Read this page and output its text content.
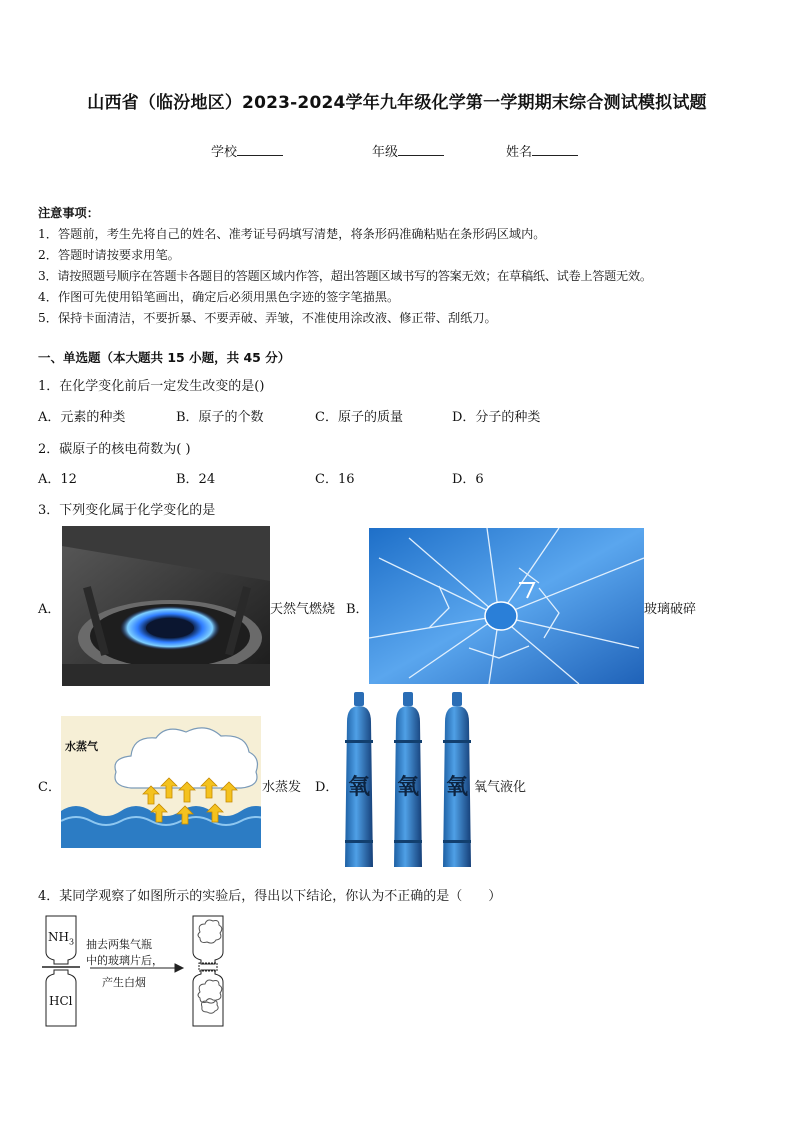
山西省（临汾地区）2023-2024学年九年级化学第一学期期末综合测试模拟试题
学校	年级	姓名
注意事项：
1．答题前，考生先将自己的姓名、准考证号码填写清楚，将条形码准确粘贴在条形码区域内。
2．答题时请按要求用笔。
3．请按照题号顺序在答题卡各题目的答题区域内作答，超出答题区域书写的答案无效；在草稿纸、试卷上答题无效。
4．作图可先使用铅笔画出，确定后必须用黑色字迹的签字笔描黑。
5．保持卡面清洁，不要折暴、不要弄破、弄皱，不准使用涂改液、修正带、刮纸刀。
一、单选题（本大题共 15 小题，共 45 分）
1．在化学变化前后一定发生改变的是()
A．元素的种类	B．原子的个数	C．原子的质量	D．分子的种类
2．碳原子的核电荷数为( )
A．12	B．24	C．16	D．6
3．下列变化属于化学变化的是
A．	天然气燃烧 B．	玻璃破碎
C．
水蒸气
水蒸发 D． 氧 氧 氧 氧气液化
4．某同学观察了如图所示的实验后，得出以下结论，你认为不正确的是（　　）
$NH_3$
HCl
抽去两集气瓶
中的玻璃片后，
产生白烟
